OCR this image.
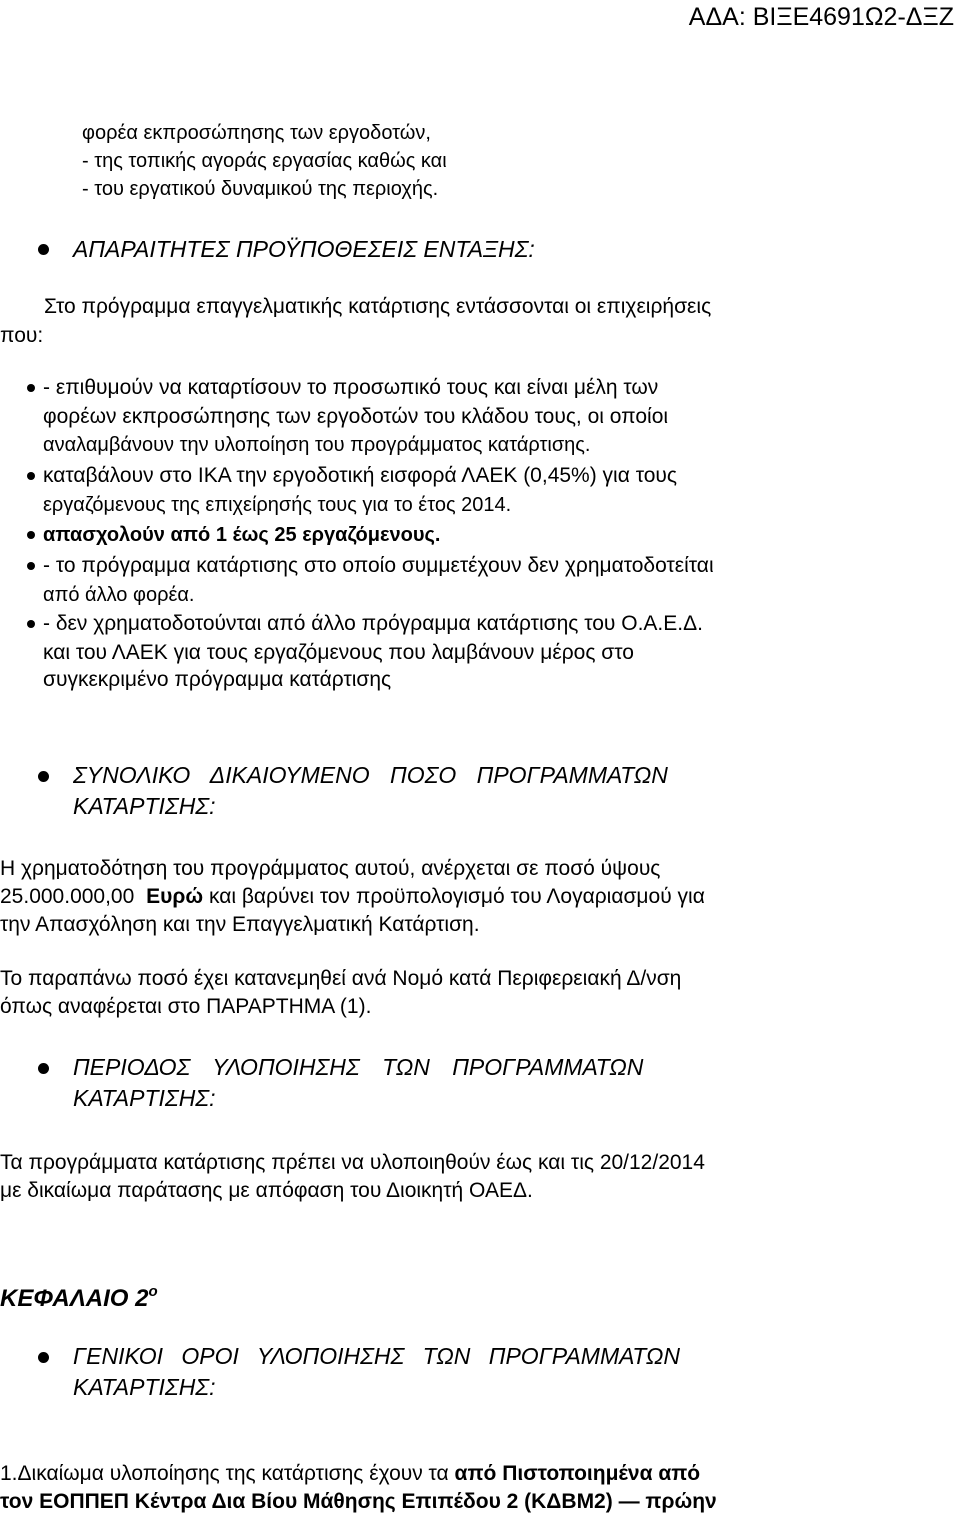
ΑΔΑ: ΒΙΞΕ4691Ω2-ΔΞΖ
φορέα εκπροσώπησης των εργοδοτών,
- της τοπικής αγοράς εργασίας καθώς και
- του εργατικού δυναμικού της περιοχής.
ΑΠΑΡΑΙΤΗΤΕΣ ΠΡΟΫΠΟΘΕΣΕΙΣ ΕΝΤΑΞΗΣ:
Στο πρόγραμμα επαγγελματικής κατάρτισης εντάσσονται οι επιχειρήσεις
που:
- επιθυμούν να καταρτίσουν το προσωπικό τους και είναι μέλη των
φορέων εκπροσώπησης των εργοδοτών του κλάδου τους, οι οποίοι
αναλαμβάνουν την υλοποίηση του προγράμματος κατάρτισης.
καταβάλουν στο ΙΚΑ την εργοδοτική εισφορά ΛΑΕΚ (0,45%) για τους
εργαζόμενους της επιχείρησής τους για το έτος 2014.
απασχολούν από 1 έως 25 εργαζόμενους.
- το πρόγραμμα κατάρτισης στο οποίο συμμετέχουν δεν χρηματοδοτείται
από άλλο φορέα.
- δεν χρηματοδοτούνται από άλλο πρόγραμμα κατάρτισης του Ο.Α.Ε.Δ.
και του ΛΑΕΚ για τους εργαζόμενους που λαμβάνουν μέρος στο
συγκεκριμένο πρόγραμμα κατάρτισης
ΣΥΝΟΛΙΚΟ ΔΙΚΑΙΟΥΜΕΝΟ ΠΟΣΟ ΠΡΟΓΡΑΜΜΑΤΩΝ
ΚΑΤΑΡΤΙΣΗΣ:
Η χρηματοδότηση του προγράμματος αυτού, ανέρχεται σε ποσό ύψους
25.000.000,00 Ευρώ και βαρύνει τον προϋπολογισμό του Λογαριασμού για
την Απασχόληση και την Επαγγελματική Κατάρτιση.
Το παραπάνω ποσό έχει κατανεμηθεί ανά Νομό κατά Περιφερειακή Δ/νση
όπως αναφέρεται στο ΠΑΡΑΡΤΗΜΑ (1).
ΠΕΡΙΟΔΟΣ ΥΛΟΠΟΙΗΣΗΣ ΤΩΝ ΠΡΟΓΡΑΜΜΑΤΩΝ
ΚΑΤΑΡΤΙΣΗΣ:
Τα προγράμματα κατάρτισης πρέπει να υλοποιηθούν έως και τις 20/12/2014
με δικαίωμα παράτασης με απόφαση του Διοικητή ΟΑΕΔ.
ΚΕΦΑΛΑΙΟ $2^o$
ΓΕΝΙΚΟΙ ΟΡΟΙ ΥΛΟΠΟΙΗΣΗΣ ΤΩΝ ΠΡΟΓΡΑΜΜΑΤΩΝ
ΚΑΤΑΡΤΙΣΗΣ:
1.Δικαίωμα υλοποίησης της κατάρτισης έχουν τα από Πιστοποιημένα από
τον ΕΟΠΠΕΠ Κέντρα Δια Βίου Μάθησης Επιπέδου 2 (ΚΔΒΜ2) — πρώην
